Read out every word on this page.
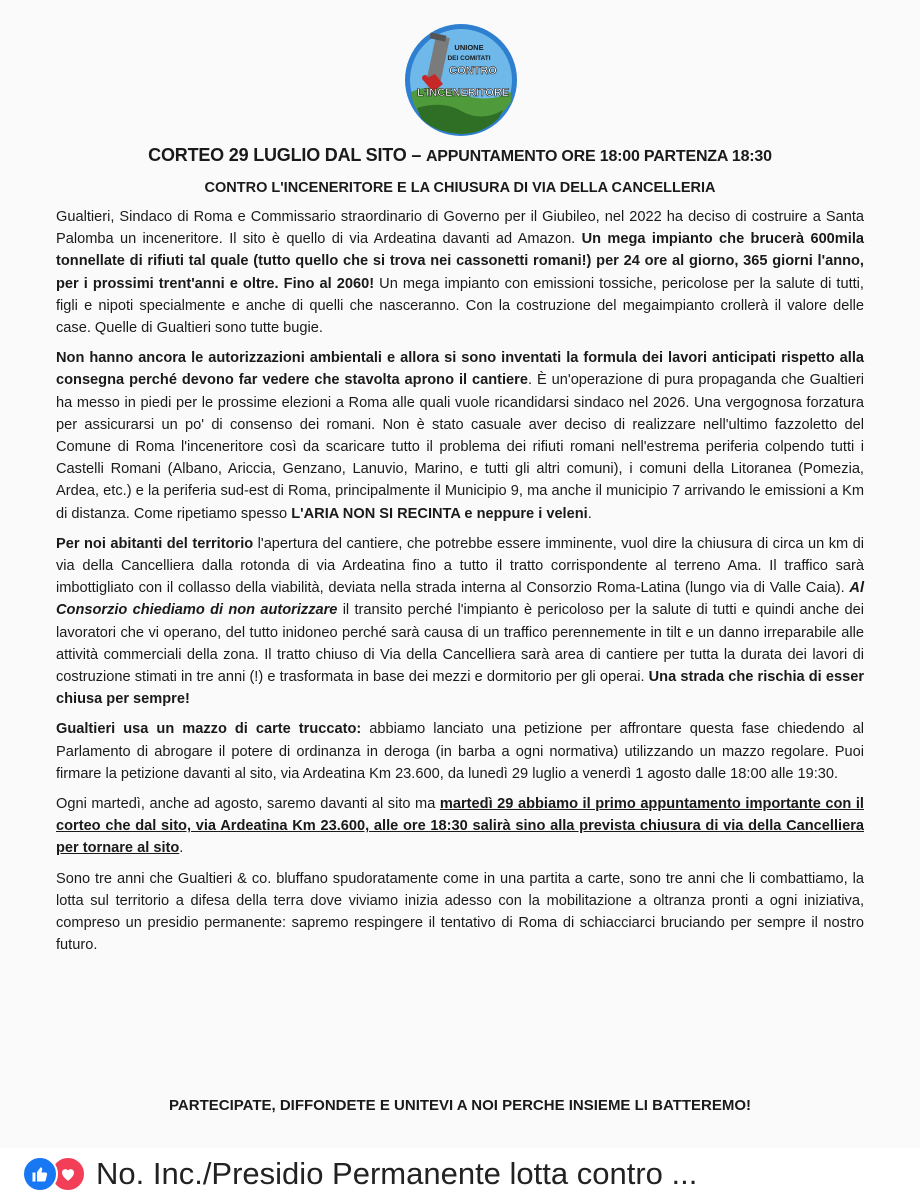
UNIONE
DEI COMITATI
CONTRO
L'INCENERITORE
CORTEO 29 LUGLIO DAL SITO – APPUNTAMENTO ORE 18:00 PARTENZA 18:30
CONTRO L'INCENERITORE E LA CHIUSURA DI VIA DELLA CANCELLERIA

Gualtieri, Sindaco di Roma e Commissario straordinario di Governo per il Giubileo, nel 2022 ha deciso di costruire a Santa Palomba un inceneritore. Il sito è quello di via Ardeatina davanti ad Amazon. Un mega impianto che brucerà 600mila tonnellate di rifiuti tal quale (tutto quello che si trova nei cassonetti romani!) per 24 ore al giorno, 365 giorni l'anno, per i prossimi trent'anni e oltre. Fino al 2060! Un mega impianto con emissioni tossiche, pericolose per la salute di tutti, figli e nipoti specialmente e anche di quelli che nasceranno. Con la costruzione del megaimpianto crollerà il valore delle case. Quelle di Gualtieri sono tutte bugie.

Non hanno ancora le autorizzazioni ambientali e allora si sono inventati la formula dei lavori anticipati rispetto alla consegna perché devono far vedere che stavolta aprono il cantiere. È un'operazione di pura propaganda che Gualtieri ha messo in piedi per le prossime elezioni a Roma alle quali vuole ricandidarsi sindaco nel 2026. Una vergognosa forzatura per assicurarsi un po' di consenso dei romani. Non è stato casuale aver deciso di realizzare nell'ultimo fazzoletto del Comune di Roma l'inceneritore così da scaricare tutto il problema dei rifiuti romani nell'estrema periferia colpendo tutti i Castelli Romani (Albano, Ariccia, Genzano, Lanuvio, Marino, e tutti gli altri comuni), i comuni della Litoranea (Pomezia, Ardea, etc.) e la periferia sud-est di Roma, principalmente il Municipio 9, ma anche il municipio 7 arrivando le emissioni a Km di distanza. Come ripetiamo spesso L'ARIA NON SI RECINTA e neppure i veleni.

Per noi abitanti del territorio l'apertura del cantiere, che potrebbe essere imminente, vuol dire la chiusura di circa un km di via della Cancelliera dalla rotonda di via Ardeatina fino a tutto il tratto corrispondente al terreno Ama. Il traffico sarà imbottigliato con il collasso della viabilità, deviata nella strada interna al Consorzio Roma-Latina (lungo via di Valle Caia). Al Consorzio chiediamo di non autorizzare il transito perché l'impianto è pericoloso per la salute di tutti e quindi anche dei lavoratori che vi operano, del tutto inidoneo perché sarà causa di un traffico perennemente in tilt e un danno irreparabile alle attività commerciali della zona. Il tratto chiuso di Via della Cancelliera sarà area di cantiere per tutta la durata dei lavori di costruzione stimati in tre anni (!) e trasformata in base dei mezzi e dormitorio per gli operai. Una strada che rischia di esser chiusa per sempre!

Gualtieri usa un mazzo di carte truccato: abbiamo lanciato una petizione per affrontare questa fase chiedendo al Parlamento di abrogare il potere di ordinanza in deroga (in barba a ogni normativa) utilizzando un mazzo regolare. Puoi firmare la petizione davanti al sito, via Ardeatina Km 23.600, da lunedì 29 luglio a venerdì 1 agosto dalle 18:00 alle 19:30.

Ogni martedì, anche ad agosto, saremo davanti al sito ma martedì 29 abbiamo il primo appuntamento importante con il corteo che dal sito, via Ardeatina Km 23.600, alle ore 18:30 salirà sino alla prevista chiusura di via della Cancelliera per tornare al sito.

Sono tre anni che Gualtieri & co. bluffano spudoratamente come in una partita a carte, sono tre anni che li combattiamo, la lotta sul territorio a difesa della terra dove viviamo inizia adesso con la mobilitazione a oltranza pronti a ogni iniziativa, compreso un presidio permanente: sapremo respingere il tentativo di Roma di schiacciarci bruciando per sempre il nostro futuro.

PARTECIPATE, DIFFONDETE E UNITEVI A NOI PERCHE INSIEME LI BATTEREMO!
No. Inc./Presidio Permanente lotta contro ...
